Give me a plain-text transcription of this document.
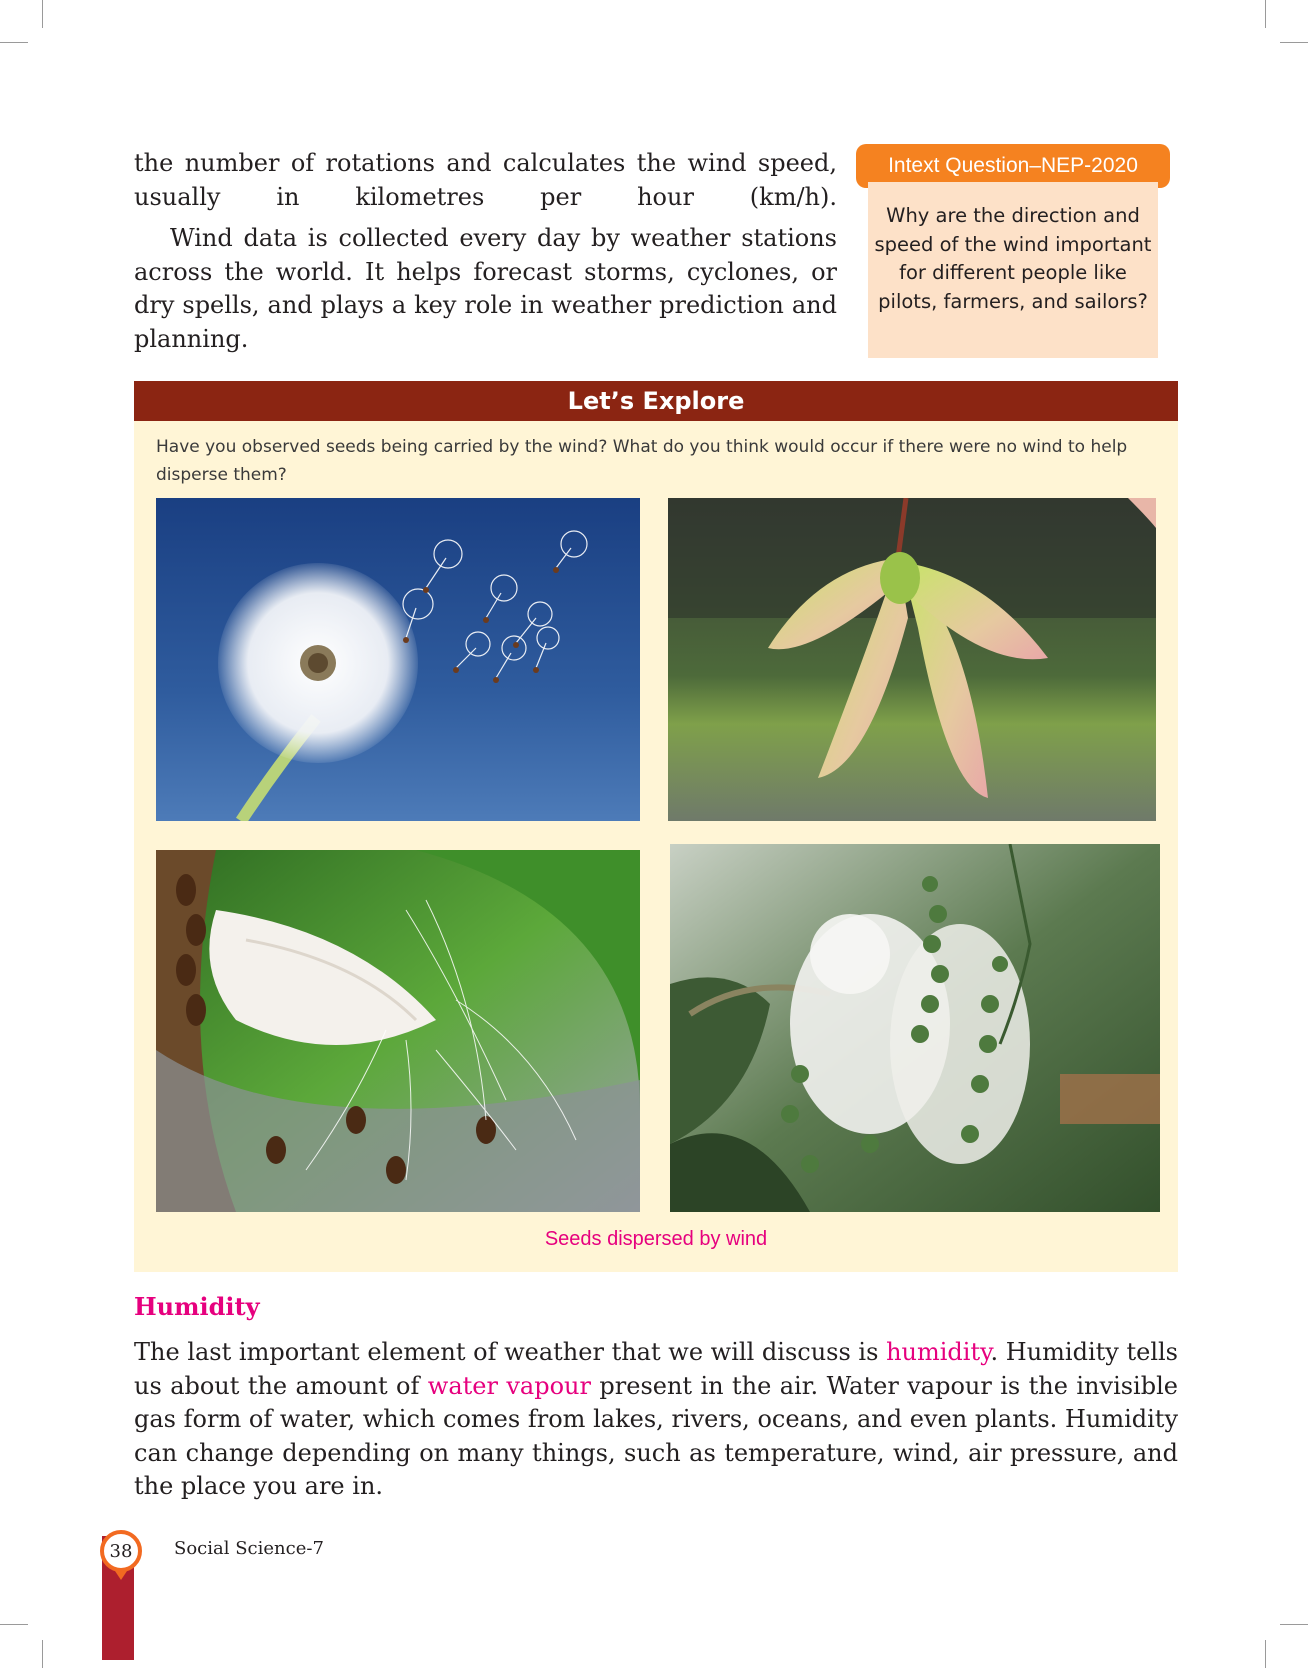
the number of rotations and calculates the wind speed, usually in kilometres per hour (km/h).

Wind data is collected every day by weather stations across the world. It helps forecast storms, cyclones, or dry spells, and plays a key role in weather prediction and planning.

Intext Question–NEP-2020
Why are the direction and speed of the wind important for different people like pilots, farmers, and sailors?
Let’s Explore

Have you observed seeds being carried by the wind? What do you think would occur if there were no wind to help disperse them?

Seeds dispersed by wind
Humidity

The last important element of weather that we will discuss is humidity. Humidity tells us about the amount of water vapour present in the air. Water vapour is the invisible gas form of water, which comes from lakes, rivers, oceans, and even plants. Humidity can change depending on many things, such as temperature, wind, air pressure, and the place you are in.

38	Social Science-7
